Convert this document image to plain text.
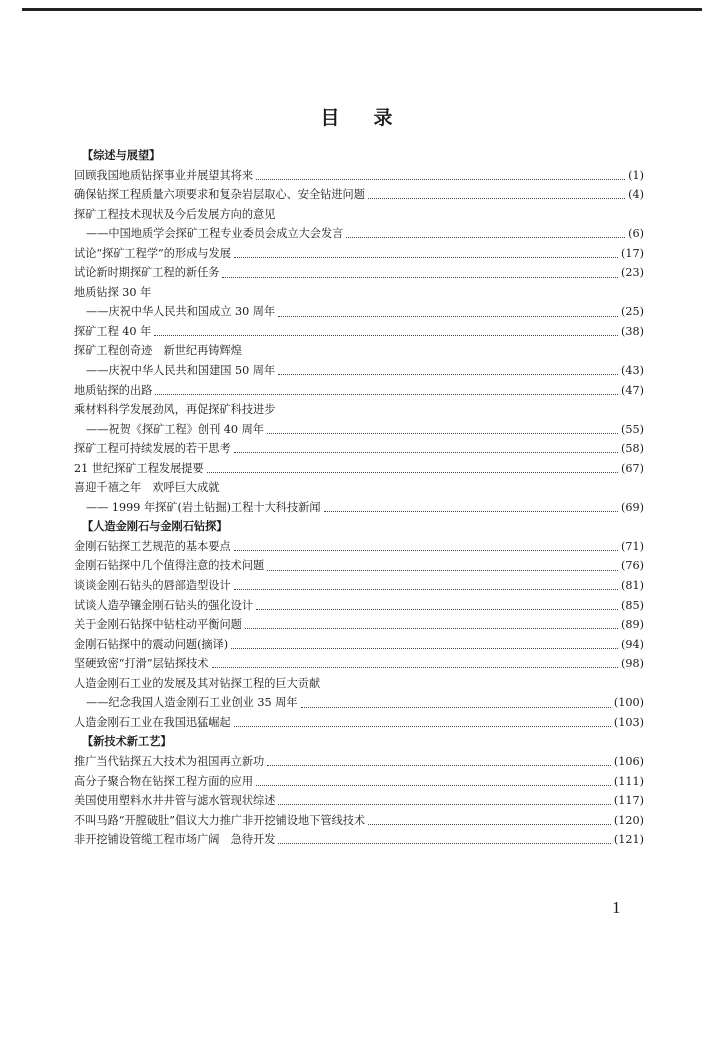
目 录
【综述与展望】
回顾我国地质钻探事业并展望其将来	(1)
确保钻探工程质量六项要求和复杂岩层取心、安全钻进问题	(4)
探矿工程技术现状及今后发展方向的意见
——中国地质学会探矿工程专业委员会成立大会发言	(6)
试论“探矿工程学”的形成与发展	(17)
试论新时期探矿工程的新任务	(23)
地质钻探 30 年
——庆祝中华人民共和国成立 30 周年	(25)
探矿工程 40 年	(38)
探矿工程创奇迹　新世纪再铸辉煌
——庆祝中华人民共和国建国 50 周年	(43)
地质钻探的出路	(47)
乘材料科学发展劲风，再促探矿科技进步
——祝贺《探矿工程》创刊 40 周年	(55)
探矿工程可持续发展的若干思考	(58)
21 世纪探矿工程发展提要	(67)
喜迎千禧之年　欢呼巨大成就
—— 1999 年探矿(岩土钻掘)工程十大科技新闻	(69)
【人造金刚石与金刚石钻探】
金刚石钻探工艺规范的基本要点	(71)
金刚石钻探中几个值得注意的技术问题	(76)
谈谈金刚石钻头的唇部造型设计	(81)
试谈人造孕镶金刚石钻头的强化设计	(85)
关于金刚石钻探中钻柱动平衡问题	(89)
金刚石钻探中的震动问题(摘译)	(94)
坚硬致密“打滑”层钻探技术	(98)
人造金刚石工业的发展及其对钻探工程的巨大贡献
——纪念我国人造金刚石工业创业 35 周年	(100)
人造金刚石工业在我国迅猛崛起	(103)
【新技术新工艺】
推广当代钻探五大技术为祖国再立新功	(106)
高分子聚合物在钻探工程方面的应用	(111)
美国使用塑料水井井管与滤水管现状综述	(117)
不叫马路“开膛破肚”倡议大力推广非开挖铺设地下管线技术	(120)
非开挖铺设管缆工程市场广阔　急待开发	(121)
1
